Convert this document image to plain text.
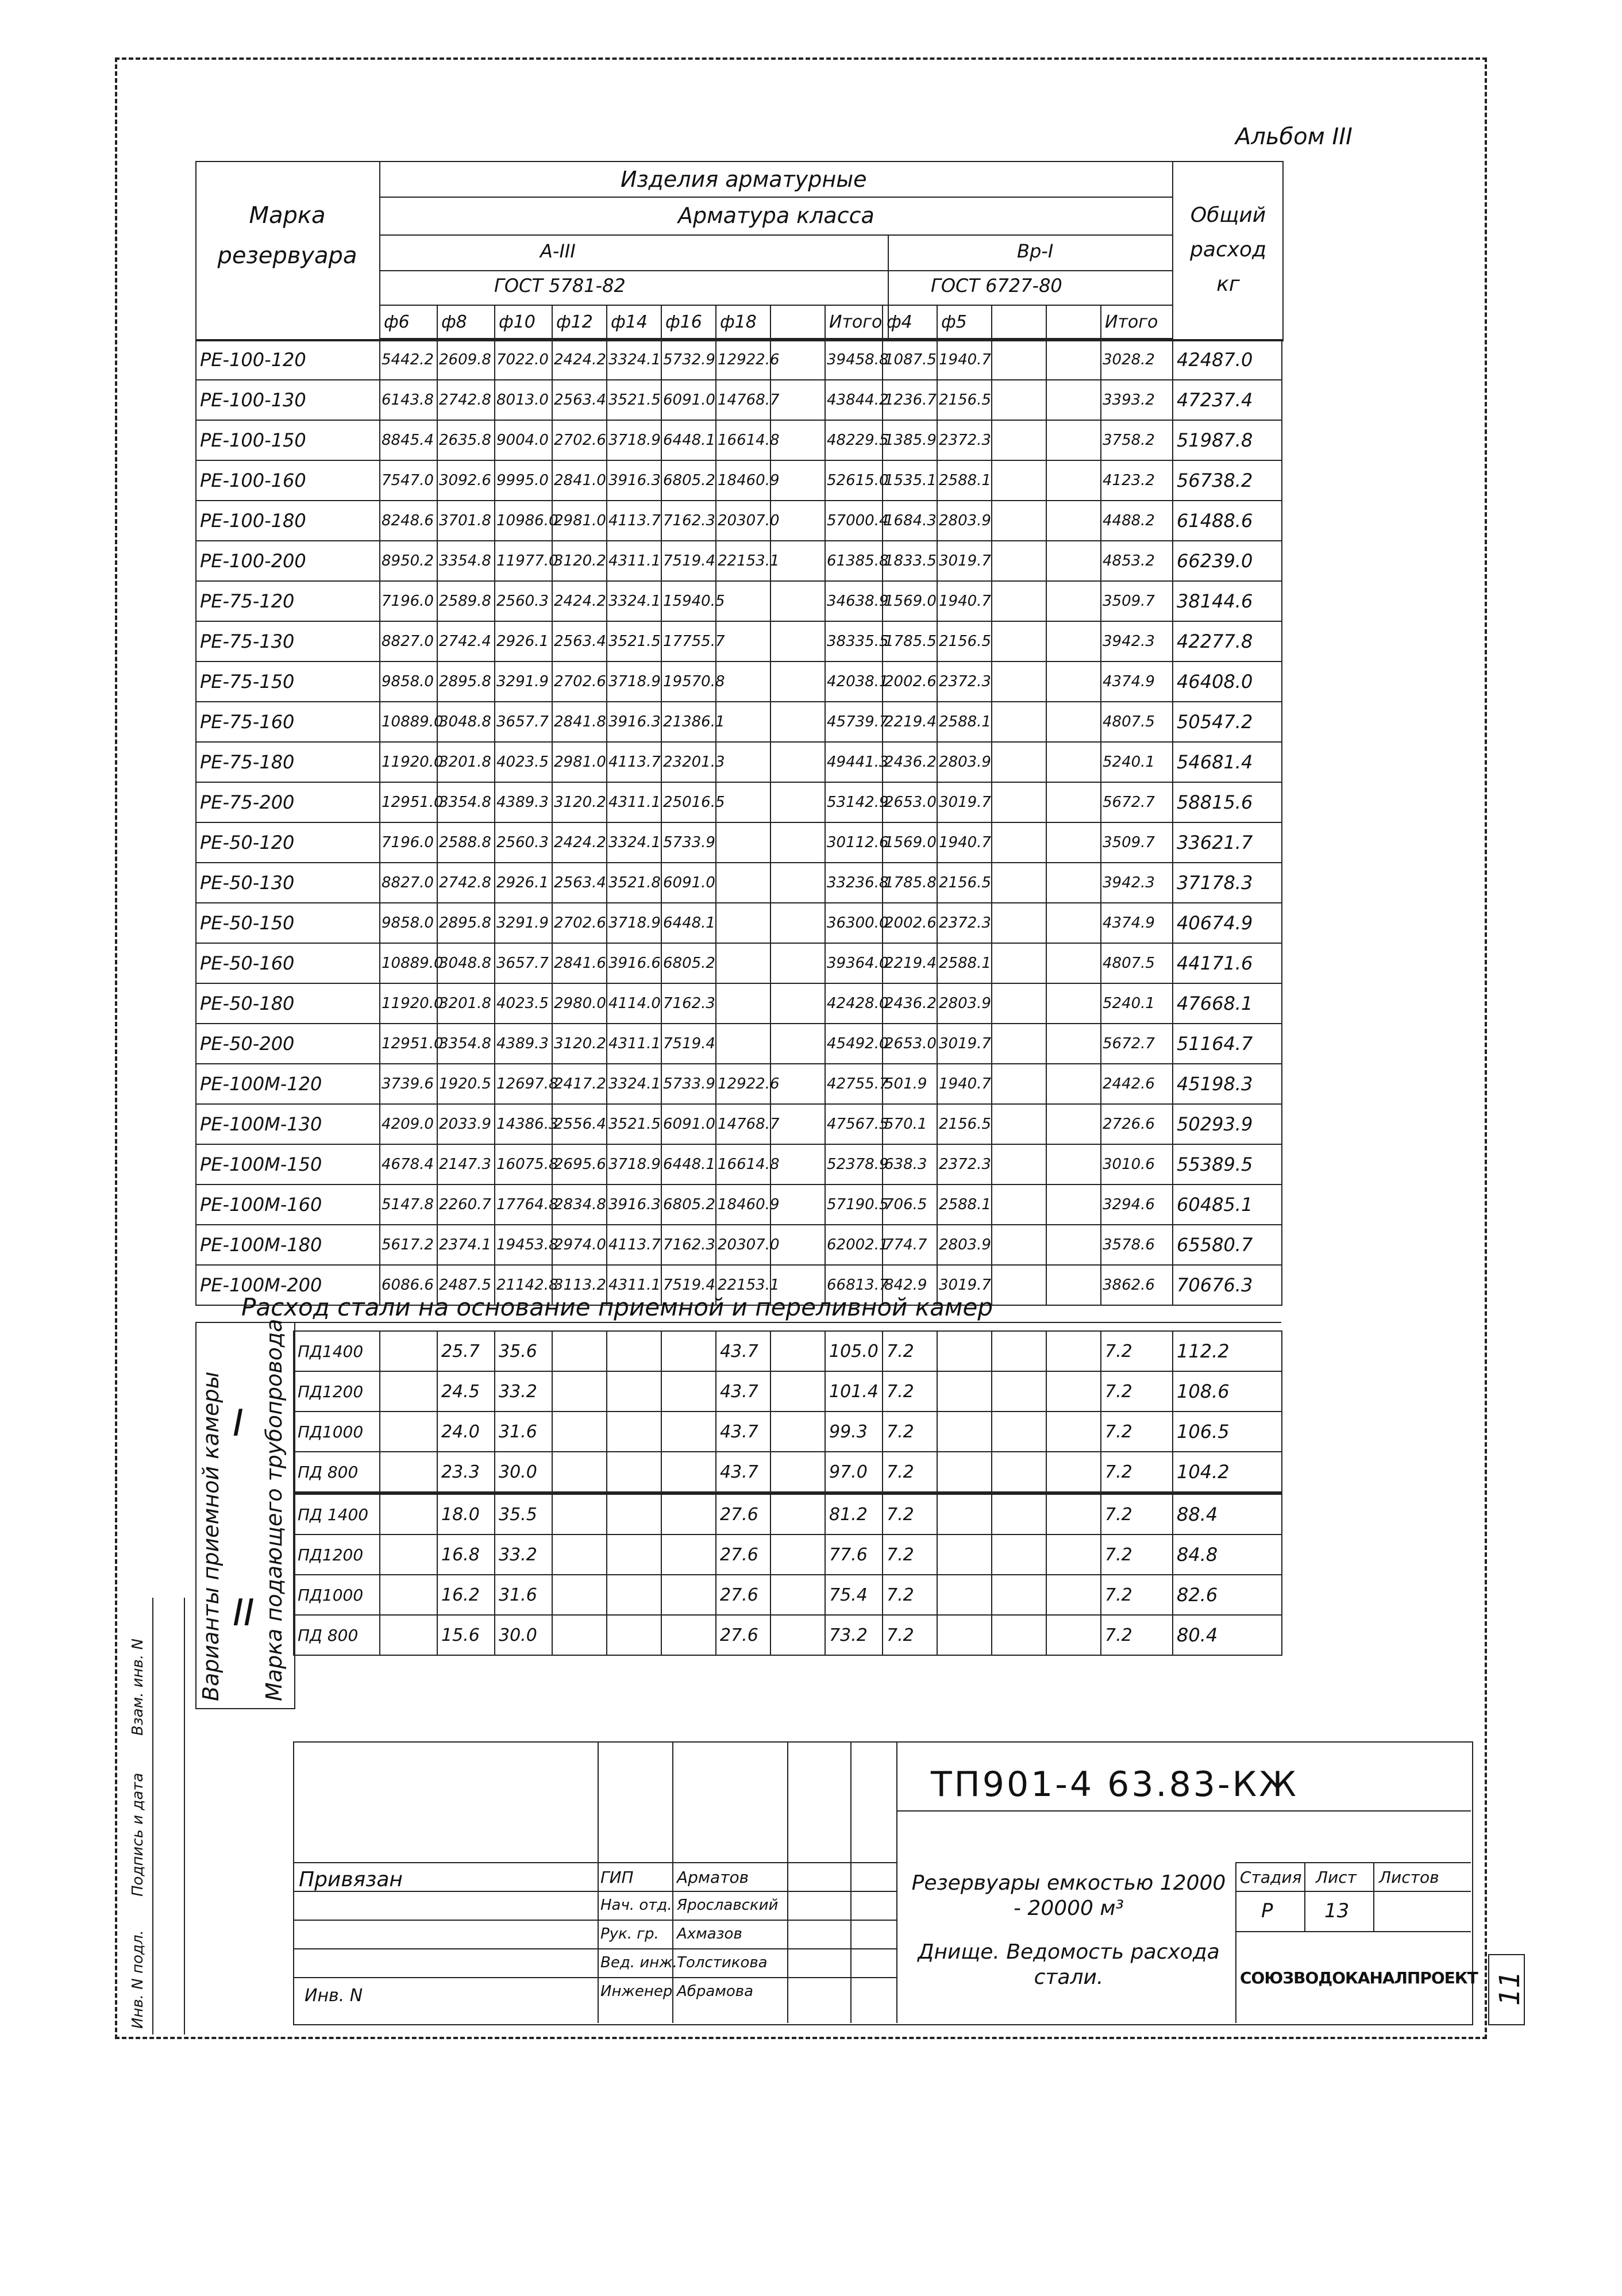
Альбом III
Инв. N подл.
Подпись и дата
Взам. инв. N
Марка резервуара
Изделия арматурные
Арматура класса
А-III	Вр-I
ГОСТ 5781-82	ГОСТ 6727-80
Общий расход кг
ф6	ф8	ф10	ф12	ф14	ф16	ф18		Итого	ф4	ф5			Итого
РЕ-100-120	5442.2	2609.8	7022.0	2424.2	3324.1	5732.9	12922.6		39458.8	1087.5	1940.7			3028.2	42487.0
РЕ-100-130	6143.8	2742.8	8013.0	2563.4	3521.5	6091.0	14768.7		43844.2	1236.7	2156.5			3393.2	47237.4
РЕ-100-150	8845.4	2635.8	9004.0	2702.6	3718.9	6448.1	16614.8		48229.5	1385.9	2372.3			3758.2	51987.8
РЕ-100-160	7547.0	3092.6	9995.0	2841.0	3916.3	6805.2	18460.9		52615.0	1535.1	2588.1			4123.2	56738.2
РЕ-100-180	8248.6	3701.8	10986.0	2981.0	4113.7	7162.3	20307.0		57000.4	1684.3	2803.9			4488.2	61488.6
РЕ-100-200	8950.2	3354.8	11977.0	3120.2	4311.1	7519.4	22153.1		61385.8	1833.5	3019.7			4853.2	66239.0
РЕ-75-120	7196.0	2589.8	2560.3	2424.2	3324.1	15940.5			34638.9	1569.0	1940.7			3509.7	38144.6
РЕ-75-130	8827.0	2742.4	2926.1	2563.4	3521.5	17755.7			38335.5	1785.5	2156.5			3942.3	42277.8
РЕ-75-150	9858.0	2895.8	3291.9	2702.6	3718.9	19570.8			42038.1	2002.6	2372.3			4374.9	46408.0
РЕ-75-160	10889.0	3048.8	3657.7	2841.8	3916.3	21386.1			45739.7	2219.4	2588.1			4807.5	50547.2
РЕ-75-180	11920.0	3201.8	4023.5	2981.0	4113.7	23201.3			49441.3	2436.2	2803.9			5240.1	54681.4
РЕ-75-200	12951.0	3354.8	4389.3	3120.2	4311.1	25016.5			53142.9	2653.0	3019.7			5672.7	58815.6
РЕ-50-120	7196.0	2588.8	2560.3	2424.2	3324.1	5733.9			30112.6	1569.0	1940.7			3509.7	33621.7
РЕ-50-130	8827.0	2742.8	2926.1	2563.4	3521.8	6091.0			33236.8	1785.8	2156.5			3942.3	37178.3
РЕ-50-150	9858.0	2895.8	3291.9	2702.6	3718.9	6448.1			36300.0	2002.6	2372.3			4374.9	40674.9
РЕ-50-160	10889.0	3048.8	3657.7	2841.6	3916.6	6805.2			39364.0	2219.4	2588.1			4807.5	44171.6
РЕ-50-180	11920.0	3201.8	4023.5	2980.0	4114.0	7162.3			42428.0	2436.2	2803.9			5240.1	47668.1
РЕ-50-200	12951.0	3354.8	4389.3	3120.2	4311.1	7519.4			45492.0	2653.0	3019.7			5672.7	51164.7
РЕ-100М-120	3739.6	1920.5	12697.8	2417.2	3324.1	5733.9	12922.6		42755.7	501.9	1940.7			2442.6	45198.3
РЕ-100М-130	4209.0	2033.9	14386.3	2556.4	3521.5	6091.0	14768.7		47567.5	570.1	2156.5			2726.6	50293.9
РЕ-100М-150	4678.4	2147.3	16075.8	2695.6	3718.9	6448.1	16614.8		52378.9	638.3	2372.3			3010.6	55389.5
РЕ-100М-160	5147.8	2260.7	17764.8	2834.8	3916.3	6805.2	18460.9		57190.5	706.5	2588.1			3294.6	60485.1
РЕ-100М-180	5617.2	2374.1	19453.8	2974.0	4113.7	7162.3	20307.0		62002.1	774.7	2803.9			3578.6	65580.7
РЕ-100М-200	6086.6	2487.5	21142.8	3113.2	4311.1	7519.4	22153.1		66813.7	842.9	3019.7			3862.6	70676.3
Расход стали на основание приемной и переливной камер
Варианты приемной камеры Марка подающего трубопровода
I
II
ПД1400		25.7	35.6				43.7		105.0	7.2				7.2	112.2
ПД1200		24.5	33.2				43.7		101.4	7.2				7.2	108.6
ПД1000		24.0	31.6				43.7		99.3	7.2				7.2	106.5
ПД 800		23.3	30.0				43.7		97.0	7.2				7.2	104.2
ПД 1400		18.0	35.5				27.6		81.2	7.2				7.2	88.4
ПД1200		16.8	33.2				27.6		77.6	7.2				7.2	84.8
ПД1000		16.2	31.6				27.6		75.4	7.2				7.2	82.6
ПД 800		15.6	30.0				27.6		73.2	7.2				7.2	80.4
ТП901-4 63.83-КЖ
Привязан
Инв. N
ГИП
Нач. отд.
Рук. гр.
Вед. инж.
Инженер
Арматов
Ярославский
Ахмазов
Толстикова
Абрамова
Резервуары емкостью 12000 - 20000 м³
Днище. Ведомость расхода стали.
Стадия Лист Листов
Р	13
СОЮЗВОДОКАНАЛПРОЕКТ 11
